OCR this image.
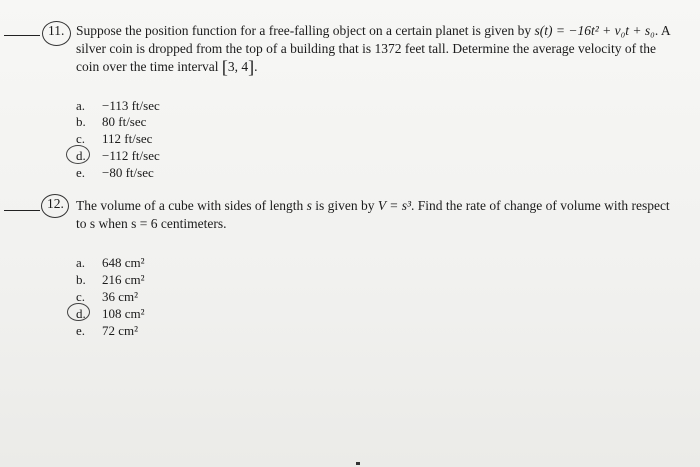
11. Suppose the position function for a free-falling object on a certain planet is given by s(t) = −16t² + v₀t + s₀. A
silver coin is dropped from the top of a building that is 1372 feet tall. Determine the average velocity of the
coin over the time interval [3, 4].
a. −113 ft/sec
b. 80 ft/sec
c. 112 ft/sec
d. −112 ft/sec
e. −80 ft/sec
12. The volume of a cube with sides of length s is given by V = s³. Find the rate of change of volume with respect
to s when s = 6 centimeters.
a. 648 cm²
b. 216 cm²
c. 36 cm²
d. 108 cm²
e. 72 cm²
